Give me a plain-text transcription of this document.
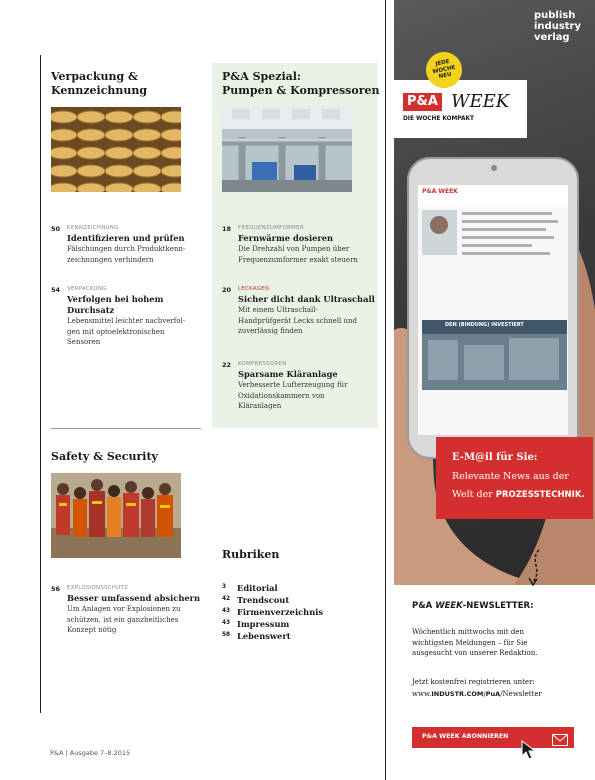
Verpackung &
Kennzeichnung
50	KENNZEICHNUNG
Identifizieren und prüfen
Fälschungen durch Produktkenn-
zeichnungen verhindern
54	VERPACKUNG
Verfolgen bei hohem
Durchsatz
Lebensmittel leichter nachverfol-
gen mit optoelektronischen
Sensoren
Safety & Security
56	EXPLOSIONSSCHUTZ
Besser umfassend absichern
Um Anlagen vor Explosionen zu
schützen, ist ein ganzheitliches
Konzept nötig
P&A Spezial:
Pumpen & Kompressoren
18	FREQUENZUMFORMER
Fernwärme dosieren
Die Drehzahl von Pumpen über
Frequenzumformer exakt steuern
20	LECKAGEN
Sicher dicht dank Ultraschall
Mit einem Ultraschall-
Handprüfgerät Lecks schnell und
zuverlässig finden
22	KOMPRESSOREN
Sparsame Kläranlage
Verbesserte Lufterzeugung für
Oxidationskammern von
Kläranlagen
Rubriken
3 Editorial
42 Trendscout
43 Firmenverzeichnis
43 Impressum
58 Lebenswert
publish
industry
verlag
P&A WEEK
DEN (BINDUNG) INVESTIERT
P&A WEEK
DIE WOCHE KOMPAKT
JEDE
WOCHE
NEU
E-M@il für Sie:
Relevante News aus der
Welt der PROZESSTECHNIK.
P&A WEEK-NEWSLETTER:
Wöchentlich mittwochs mit den
wichtigsten Meldungen – für Sie
ausgesucht von unserer Redaktion.
Jetzt kostenfrei registrieren unter:
www.INDUSTR.COM/PuA/Newsletter
P&A WEEK ABONNIEREN
P&A | Ausgabe 7–8.2015
